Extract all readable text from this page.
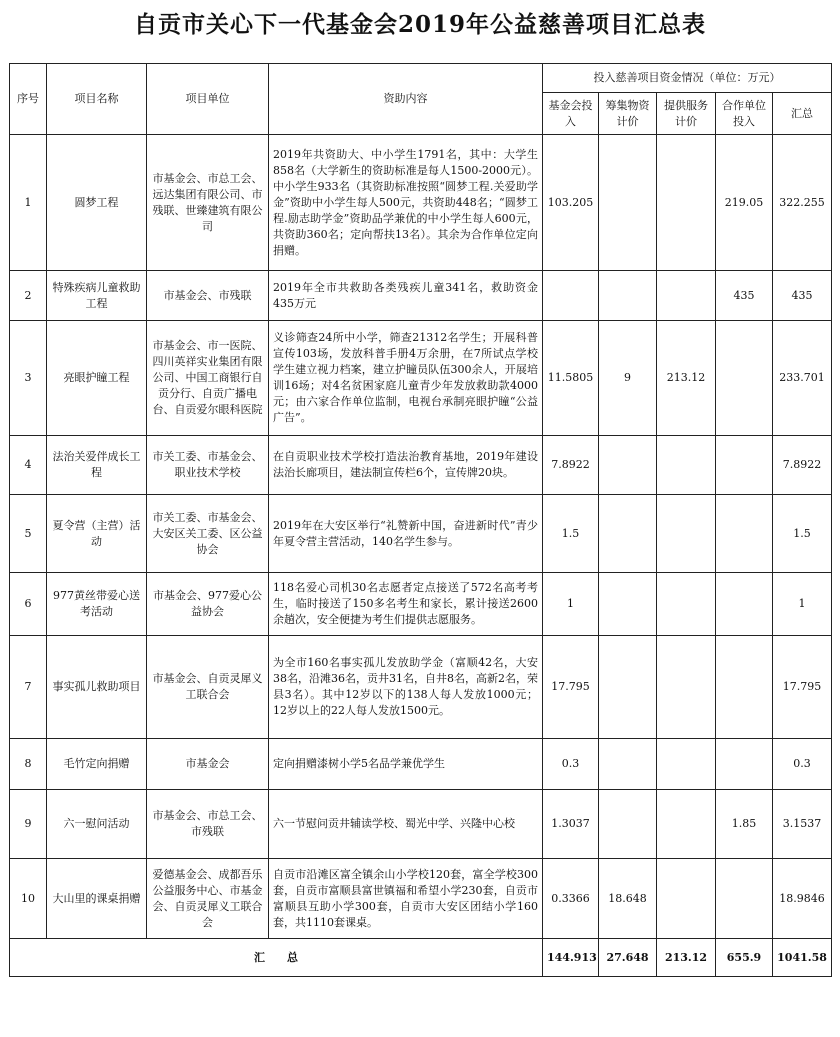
自贡市关心下一代基金会2019年公益慈善项目汇总表
序号	项目名称	项目单位	资助内容	投入慈善项目资金情况（单位：万元）				
				基金会投入	筹集物资计价	提供服务计价	合作单位投入	汇总
1	圆梦工程	市基金会、市总工会、远达集团有限公司、市残联、世臻建筑有限公司	2019年共资助大、中小学生1791名，其中：大学生858名（大学新生的资助标准是每人1500-2000元）。中小学生933名（其资助标准按照“圆梦工程.关爱助学金”资助中小学生每人500元，共资助448名；“圆梦工程.励志助学金”资助品学兼优的中小学生每人600元，共资助360名；定向帮扶13名）。其余为合作单位定向捐赠。	103.205			219.05	322.255
2	特殊疾病儿童救助工程	市基金会、市残联	2019年全市共救助各类残疾儿童341名，救助资金435万元				435	435
3	亮眼护瞳工程	市基金会、市一医院、四川英祥实业集团有限公司、中国工商银行自贡分行、自贡广播电台、自贡爱尔眼科医院	义诊筛查24所中小学，筛查21312名学生；开展科普宣传103场，发放科普手册4万余册，在7所试点学校学生建立视力档案，建立护瞳员队伍300余人，开展培训16场；对4名贫困家庭儿童青少年发放救助款4000元；由六家合作单位监制，电视台承制亮眼护瞳“公益广告”。	11.5805	9	213.12		233.701
4	法治关爱伴成长工程	市关工委、市基金会、职业技术学校	在自贡职业技术学校打造法治教育基地，2019年建设法治长廊项目，建法制宣传栏6个，宣传牌20块。	7.8922				7.8922
5	夏令营（主营）活动	市关工委、市基金会、大安区关工委、区公益协会	2019年在大安区举行“礼赞新中国，奋进新时代”青少年夏令营主营活动，140名学生参与。	1.5				1.5
6	977黄丝带爱心送考活动	市基金会、977爱心公益协会	118名爱心司机30名志愿者定点接送了572名高考考生，临时接送了150多名考生和家长，累计接送2600余趟次，安全便捷为考生们提供志愿服务。	1				1
7	事实孤儿救助项目	市基金会、自贡灵犀义工联合会	为全市160名事实孤儿发放助学金（富顺42名，大安38名，沿滩36名，贡井31名，自井8名，高新2名，荣县3名）。其中12岁以下的138人每人发放1000元；12岁以上的22人每人发放1500元。	17.795				17.795
8	毛竹定向捐赠	市基金会	定向捐赠漆树小学5名品学兼优学生	0.3				0.3
9	六一慰问活动	市基金会、市总工会、市残联	六一节慰问贡井辅读学校、蜀光中学、兴隆中心校	1.3037			1.85	3.1537
10	大山里的课桌捐赠	爱德基金会、成都吾乐公益服务中心、市基金会、自贡灵犀义工联合会	自贡市沿滩区富全镇余山小学校120套，富全学校300套，自贡市富顺县富世镇福和希望小学230套，自贡市富顺县互助小学300套，自贡市大安区团结小学160套，共1110套课桌。	0.3366	18.648			18.9846
汇　　总				144.913	27.648	213.12	655.9	1041.58
